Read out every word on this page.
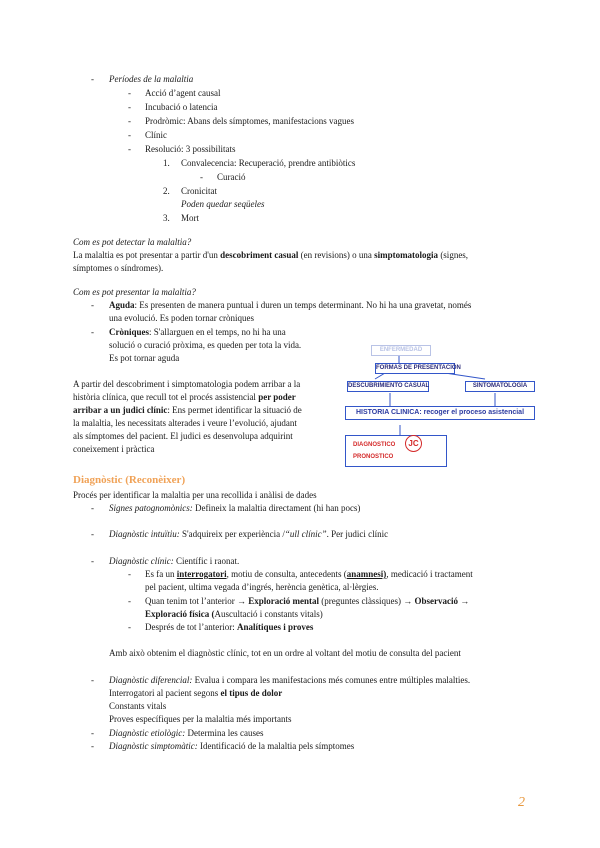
- Períodes de la malaltia
- Acció d’agent causal
- Incubació o latencia
- Prodròmic: Abans dels símptomes, manifestacions vagues
- Clínic
- Resolució: 3 possibilitats
1. Convalecencia: Recuperació, prendre antibiòtics
- Curació
2. Cronicitat
Poden quedar seqüeles
3. Mort
Com es pot detectar la malaltia?
La malaltia es pot presentar a partir d'un descobriment casual (en revisions) o una simptomatologia (signes,
símptomes o síndromes).
Com es pot presentar la malaltia?
- Aguda: Es presenten de manera puntual i duren un temps determinant. No hi ha una gravetat, només
una evolució. Es poden tornar cròniques
- Cròniques: S'allarguen en el temps, no hi ha una
solució o curació pròxima, es queden per tota la vida.
Es pot tornar aguda
A partir del descobriment i simptomatologia podem arribar a la
història clínica, que recull tot el procés assistencial per poder
arribar a un judici clínic: Ens permet identificar la situació de
la malaltia, les necessitats alterades i veure l’evolució, ajudant
als símptomes del pacient. El judici es desenvolupa adquirint
coneixement i pràctica
ENFERMEDAD
FORMAS DE PRESENTACIÓN
DESCUBRIMIENTO CASUAL	SINTOMATOLOGÍA
HISTORIA CLINICA: recoger el proceso asistencial
DIAGNOSTICO	JC
PRONOSTICO
Diagnòstic (Reconèixer)
Procés per identificar la malaltia per una recollida i anàlisi de dades
- Signes patognomònics: Defineix la malaltia directament (hi han pocs)
- Diagnòstic intuïtiu: S'adquireix per experiència /“ull clínic”. Per judici clínic
- Diagnòstic clínic: Científic i raonat.
- Es fa un interrogatori, motiu de consulta, antecedents (anamnesi), medicació i tractament
pel pacient, ultima vegada d’ingrés, herència genètica, al·lèrgies.
- Quan tenim tot l’anterior → Exploració mental (preguntes clàssiques) → Observació →
Exploració física (Auscultació i constants vitals)
- Després de tot l’anterior: Analítiques i proves
Amb això obtenim el diagnòstic clínic, tot en un ordre al voltant del motiu de consulta del pacient
- Diagnòstic diferencial: Evalua i compara les manifestacions més comunes entre múltiples malalties.
Interrogatori al pacient segons el tipus de dolor
Constants vitals
Proves específiques per la malaltia més importants
- Diagnòstic etiològic: Determina les causes
- Diagnòstic simptomàtic: Identificació de la malaltia pels símptomes
2
